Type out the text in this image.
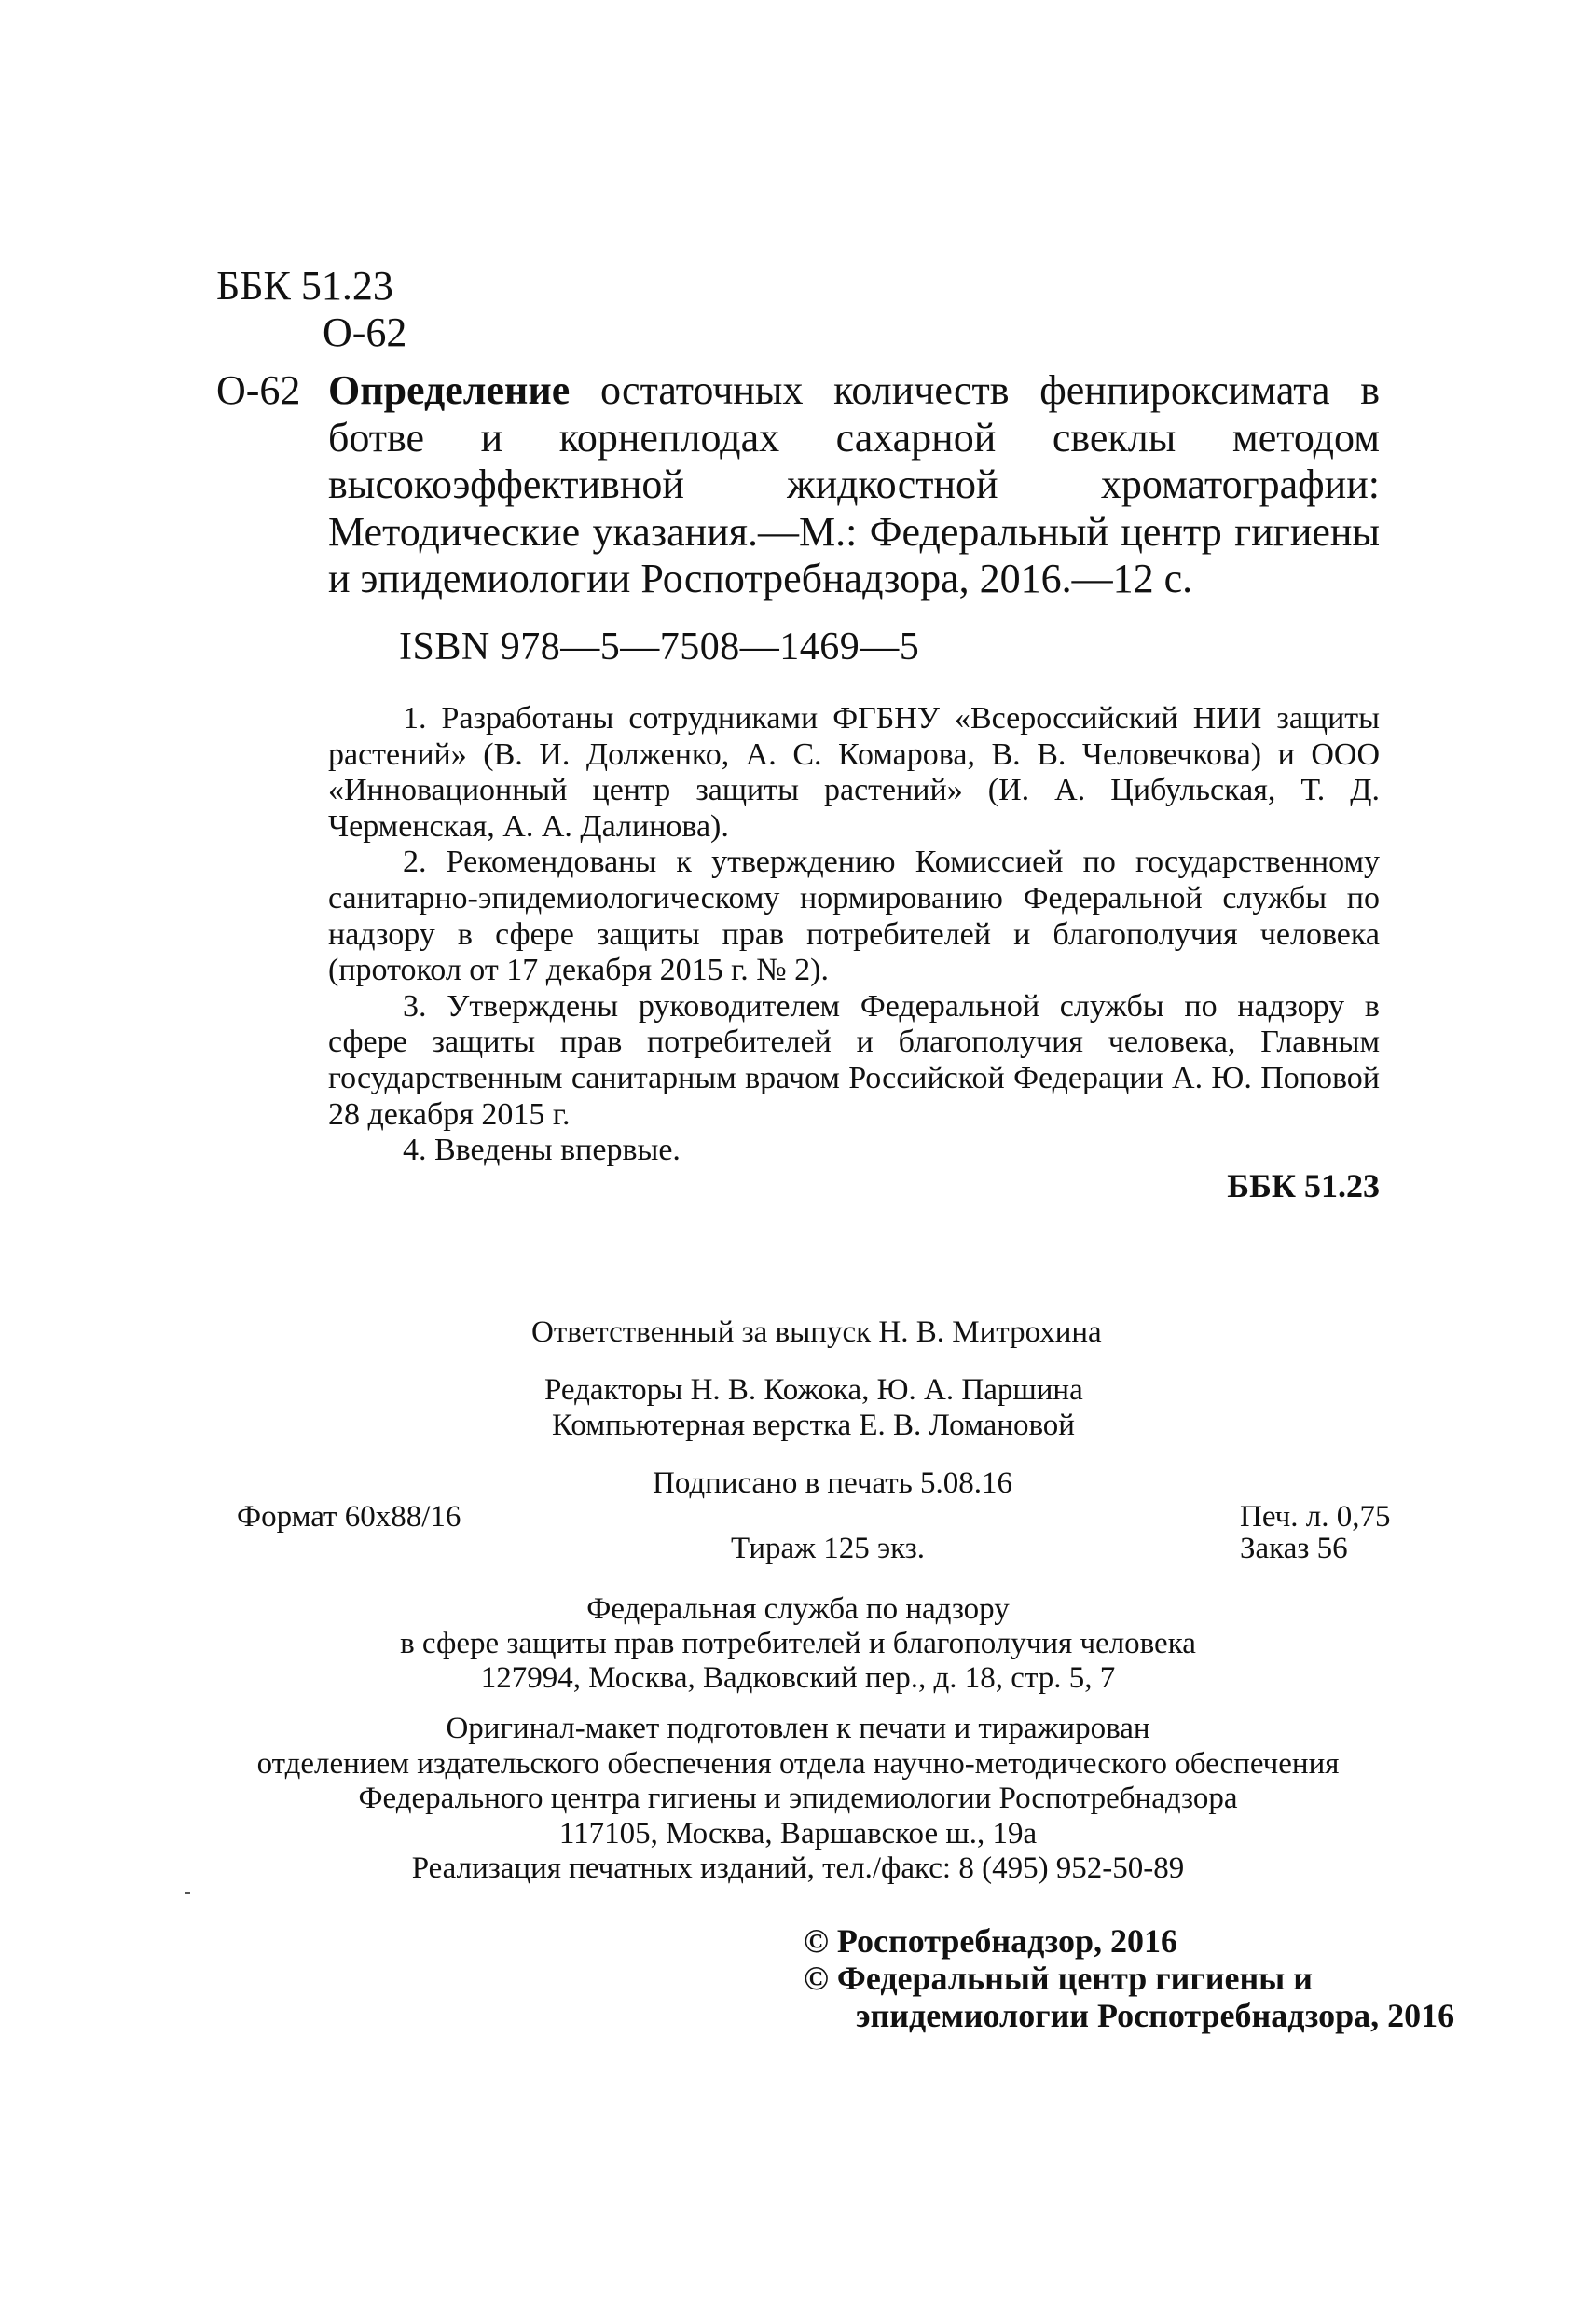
ББК 51.23
О-62
О-62 Определение остаточных количеств фенпироксимата в ботве и корнеплодах сахарной свеклы методом высокоэффективной жидкостной хроматографии: Методические указания.—М.: Федеральный центр гигиены и эпидемиологии Роспотребнадзора, 2016.—12 с.
ISBN 978—5—7508—1469—5

1. Разработаны сотрудниками ФГБНУ «Всероссийский НИИ защиты растений» (В. И. Долженко, А. С. Комарова, В. В. Человечкова) и ООО «Инновационный центр защиты растений» (И. А. Цибульская, Т. Д. Черменская, А. А. Далинова).

2. Рекомендованы к утверждению Комиссией по государственному санитарно-эпидемиологическому нормированию Федеральной службы по надзору в сфере защиты прав потребителей и благополучия человека (протокол от 17 декабря 2015 г. № 2).

3. Утверждены руководителем Федеральной службы по надзору в сфере защиты прав потребителей и благополучия человека, Главным государственным санитарным врачом Российской Федерации А. Ю. Поповой 28 декабря 2015 г.

4. Введены впервые.

ББК 51.23
Ответственный за выпуск Н. В. Митрохина
Редакторы Н. В. Кожока, Ю. А. Паршина
Компьютерная верстка Е. В. Ломановой
Подписано в печать 5.08.16
Формат 60x88/16	Печ. л. 0,75
Тираж 125 экз.	Заказ 56
Федеральная служба по надзору
в сфере защиты прав потребителей и благополучия человека
127994, Москва, Вадковский пер., д. 18, стр. 5, 7
Оригинал-макет подготовлен к печати и тиражирован
отделением издательского обеспечения отдела научно-методического обеспечения
Федерального центра гигиены и эпидемиологии Роспотребнадзора
117105, Москва, Варшавское ш., 19а
Реализация печатных изданий, тел./факс: 8 (495) 952-50-89
© Роспотребнадзор, 2016
© Федеральный центр гигиены и
эпидемиологии Роспотребнадзора, 2016
